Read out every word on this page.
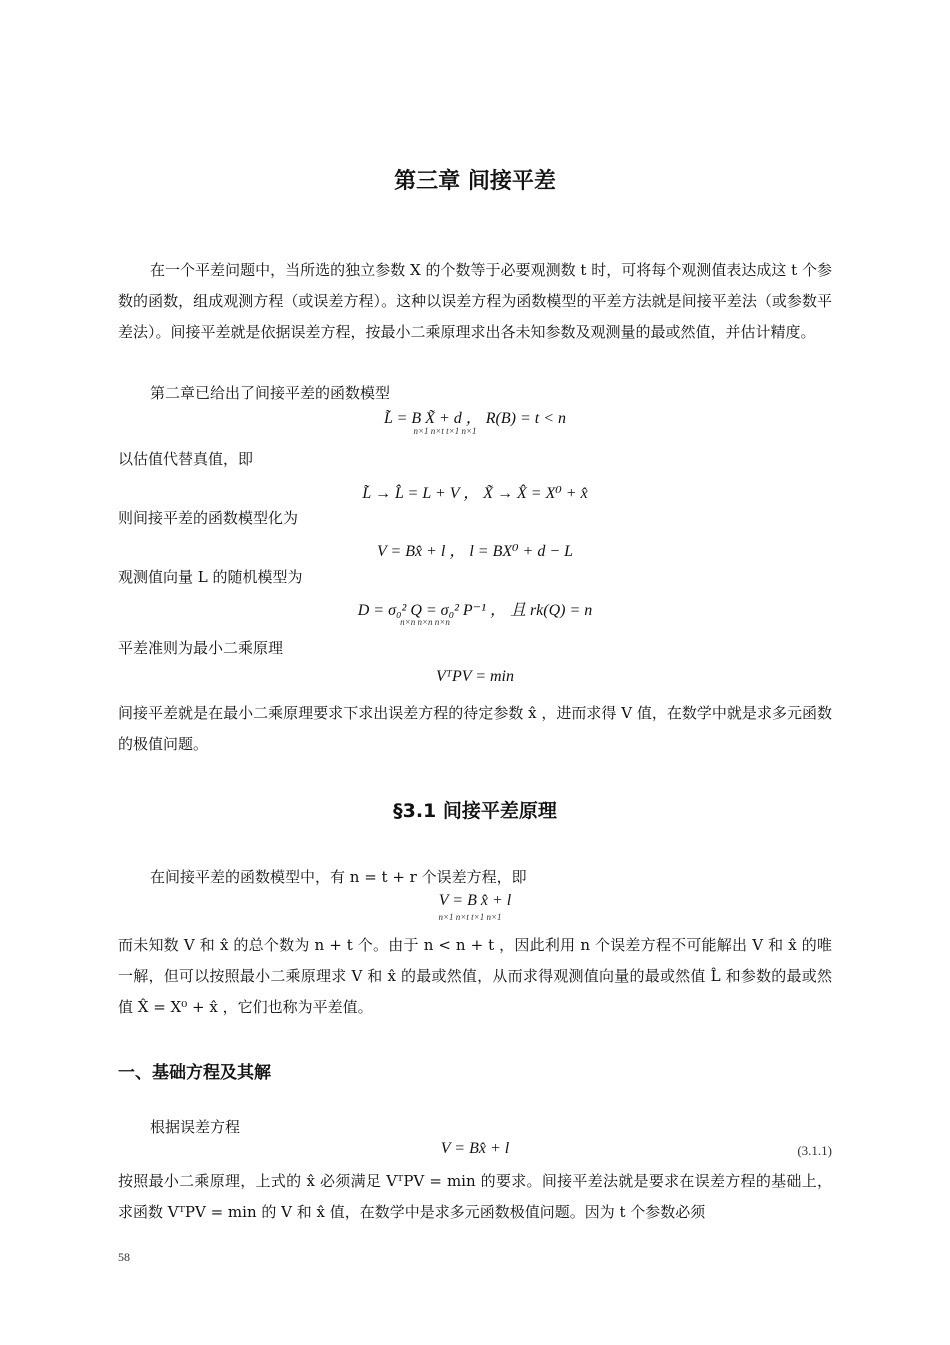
第三章 间接平差
在一个平差问题中，当所选的独立参数 X 的个数等于必要观测数 t 时，可将每个观测值表达成这 t 个参数的函数，组成观测方程（或误差方程）。这种以误差方程为函数模型的平差方法就是间接平差法（或参数平差法）。间接平差就是依据误差方程，按最小二乘原理求出各未知参数及观测量的最或然值，并估计精度。
第二章已给出了间接平差的函数模型
L̃ = B X̃ + d ， R(B) = t < n
n×1 n×t t×1 n×1
以估值代替真值，即
L̃ → L̂ = L + V ， X̃ → X̂ = X⁰ + x̂
则间接平差的函数模型化为
V = Bx̂ + l ， l = BX⁰ + d − L
观测值向量 L 的随机模型为
D = σ₀² Q = σ₀² P⁻¹ ， 且 rk(Q) = n
n×n n×n n×n
平差准则为最小二乘原理
VᵀPV = min
间接平差就是在最小二乘原理要求下求出误差方程的待定参数 x̂ ，进而求得 V 值，在数学中就是求多元函数的极值问题。
§3.1 间接平差原理
在间接平差的函数模型中，有 n = t + r 个误差方程，即
V = B x̂ + l
n×1 n×t t×1 n×1
而未知数 V 和 x̂ 的总个数为 n + t 个。由于 n < n + t ，因此利用 n 个误差方程不可能解出 V 和 x̂ 的唯一解，但可以按照最小二乘原理求 V 和 x̂ 的最或然值，从而求得观测值向量的最或然值 L̂ 和参数的最或然值 X̂ = X⁰ + x̂ ，它们也称为平差值。
一、基础方程及其解
根据误差方程
V = Bx̂ + l	(3.1.1)
按照最小二乘原理，上式的 x̂ 必须满足 VᵀPV = min 的要求。间接平差法就是要求在误差方程的基础上，求函数 VᵀPV = min 的 V 和 x̂ 值，在数学中是求多元函数极值问题。因为 t 个参数必须
58
